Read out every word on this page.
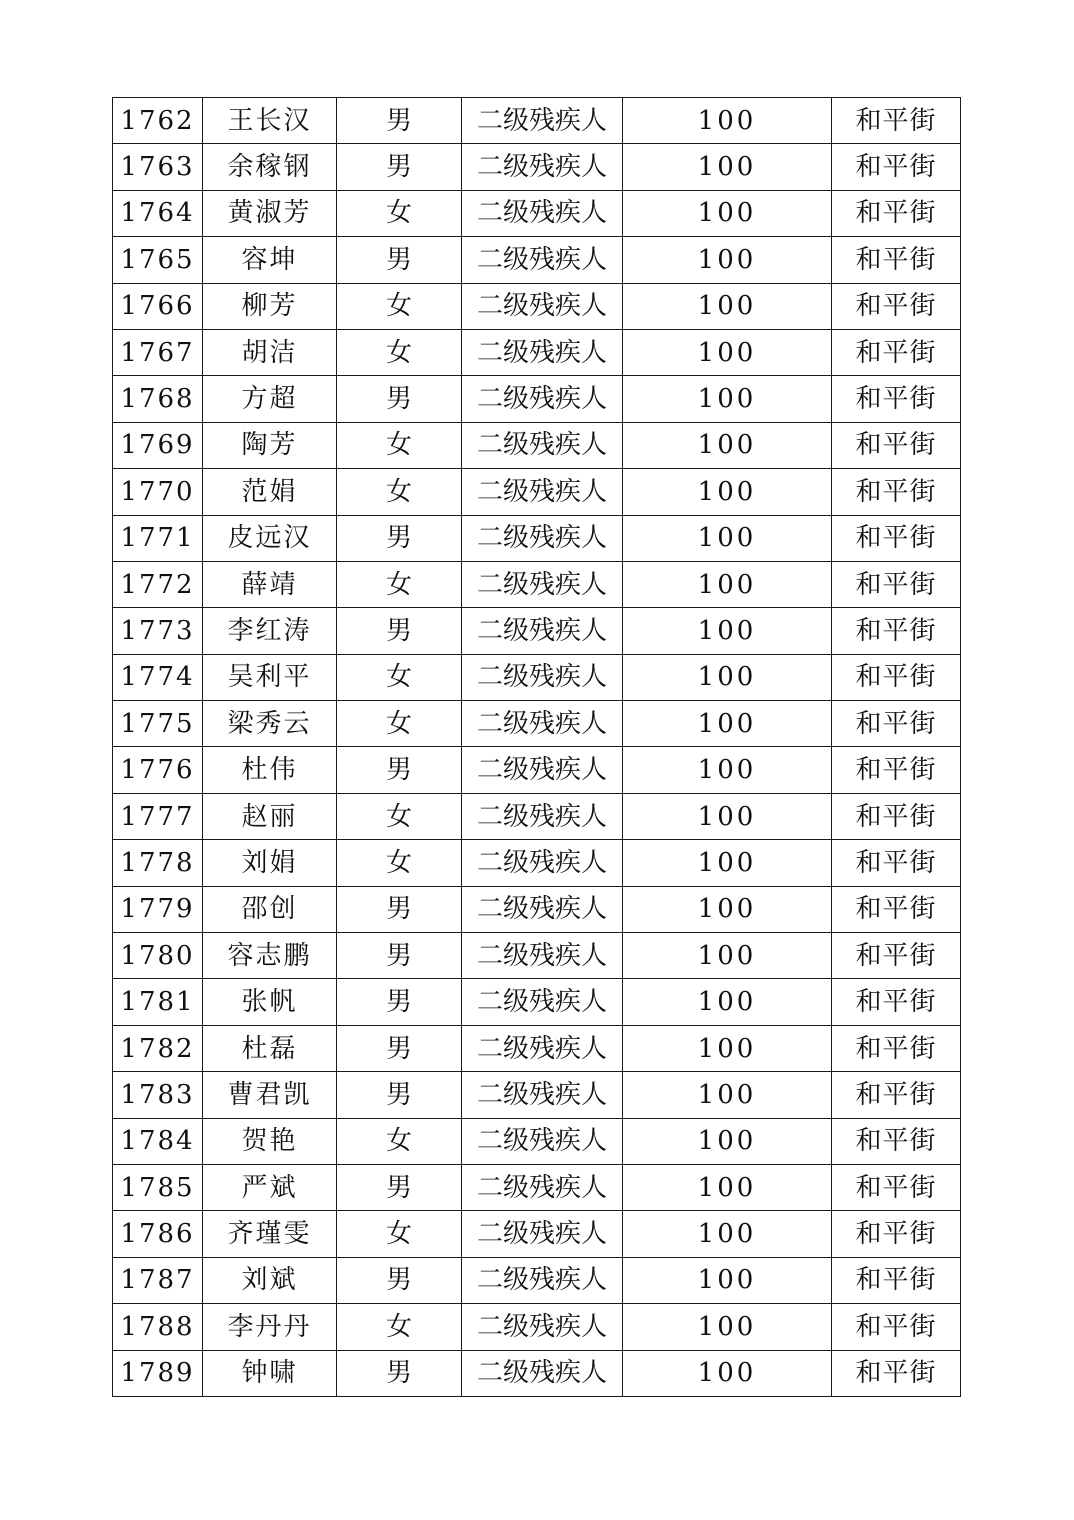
1762	王长汉	男	二级残疾人	100	和平街
1763	余稼钢	男	二级残疾人	100	和平街
1764	黄淑芳	女	二级残疾人	100	和平街
1765	容坤	男	二级残疾人	100	和平街
1766	柳芳	女	二级残疾人	100	和平街
1767	胡洁	女	二级残疾人	100	和平街
1768	方超	男	二级残疾人	100	和平街
1769	陶芳	女	二级残疾人	100	和平街
1770	范娟	女	二级残疾人	100	和平街
1771	皮远汉	男	二级残疾人	100	和平街
1772	薛靖	女	二级残疾人	100	和平街
1773	李红涛	男	二级残疾人	100	和平街
1774	吴利平	女	二级残疾人	100	和平街
1775	梁秀云	女	二级残疾人	100	和平街
1776	杜伟	男	二级残疾人	100	和平街
1777	赵丽	女	二级残疾人	100	和平街
1778	刘娟	女	二级残疾人	100	和平街
1779	邵创	男	二级残疾人	100	和平街
1780	容志鹏	男	二级残疾人	100	和平街
1781	张帆	男	二级残疾人	100	和平街
1782	杜磊	男	二级残疾人	100	和平街
1783	曹君凯	男	二级残疾人	100	和平街
1784	贺艳	女	二级残疾人	100	和平街
1785	严斌	男	二级残疾人	100	和平街
1786	齐瑾雯	女	二级残疾人	100	和平街
1787	刘斌	男	二级残疾人	100	和平街
1788	李丹丹	女	二级残疾人	100	和平街
1789	钟啸	男	二级残疾人	100	和平街
